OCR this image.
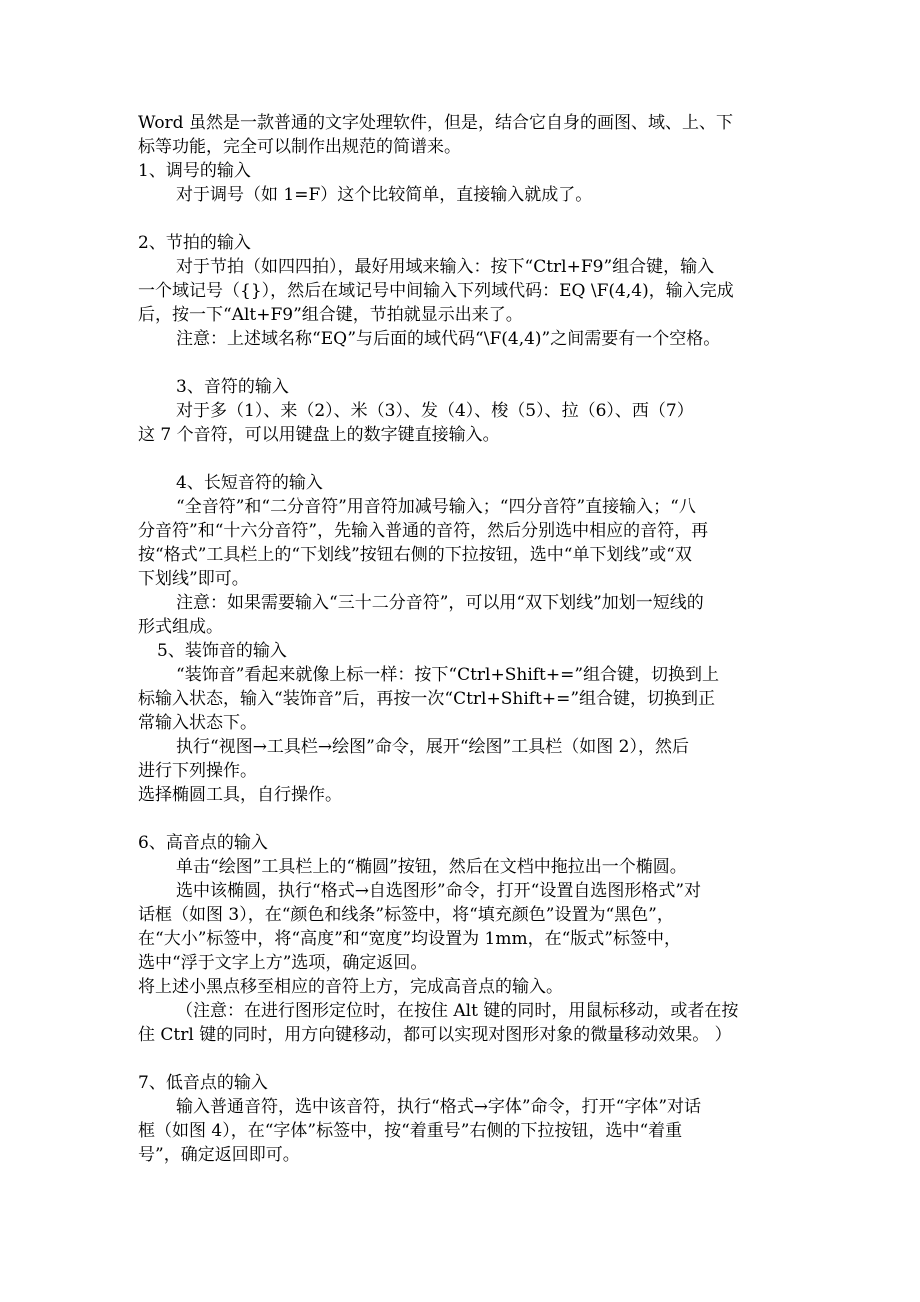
Word 虽然是一款普通的文字处理软件，但是，结合它自身的画图、域、上、下

标等功能，完全可以制作出规范的简谱来。

1、调号的输入

对于调号（如 1=F）这个比较简单，直接输入就成了。

2、节拍的输入

对于节拍（如四四拍），最好用域来输入：按下“Ctrl+F9”组合键，输入

一个域记号（{}），然后在域记号中间输入下列域代码：EQ \F(4,4)，输入完成

后，按一下“Alt+F9”组合键，节拍就显示出来了。

注意：上述域名称“EQ”与后面的域代码“\F(4,4)”之间需要有一个空格。

3、音符的输入

对于多（1）、来（2）、米（3）、发（4）、梭（5）、拉（6）、西（7）

这 7 个音符，可以用键盘上的数字键直接输入。

4、长短音符的输入

“全音符”和“二分音符”用音符加减号输入；“四分音符”直接输入；“八

分音符”和“十六分音符”，先输入普通的音符，然后分别选中相应的音符，再

按“格式”工具栏上的“下划线”按钮右侧的下拉按钮，选中“单下划线”或“双

下划线”即可。

注意：如果需要输入“三十二分音符”，可以用“双下划线”加划一短线的

形式组成。

5、装饰音的输入

“装饰音”看起来就像上标一样：按下“Ctrl+Shift+=”组合键，切换到上

标输入状态，输入“装饰音”后，再按一次“Ctrl+Shift+=”组合键，切换到正

常输入状态下。

执行“视图→工具栏→绘图”命令，展开“绘图”工具栏（如图 2），然后

进行下列操作。

选择椭圆工具，自行操作。

6、高音点的输入

单击“绘图”工具栏上的“椭圆”按钮，然后在文档中拖拉出一个椭圆。

选中该椭圆，执行“格式→自选图形”命令，打开“设置自选图形格式”对

话框（如图 3），在“颜色和线条”标签中，将“填充颜色”设置为“黑色”，

在“大小”标签中，将“高度”和“宽度”均设置为 1mm，在“版式”标签中，

选中“浮于文字上方”选项，确定返回。

将上述小黑点移至相应的音符上方，完成高音点的输入。

（注意：在进行图形定位时，在按住 Alt 键的同时，用鼠标移动，或者在按

住 Ctrl 键的同时，用方向键移动，都可以实现对图形对象的微量移动效果。 ）

7、低音点的输入

输入普通音符，选中该音符，执行“格式→字体”命令，打开“字体”对话

框（如图 4），在“字体”标签中，按“着重号”右侧的下拉按钮，选中“着重

号”，确定返回即可。
